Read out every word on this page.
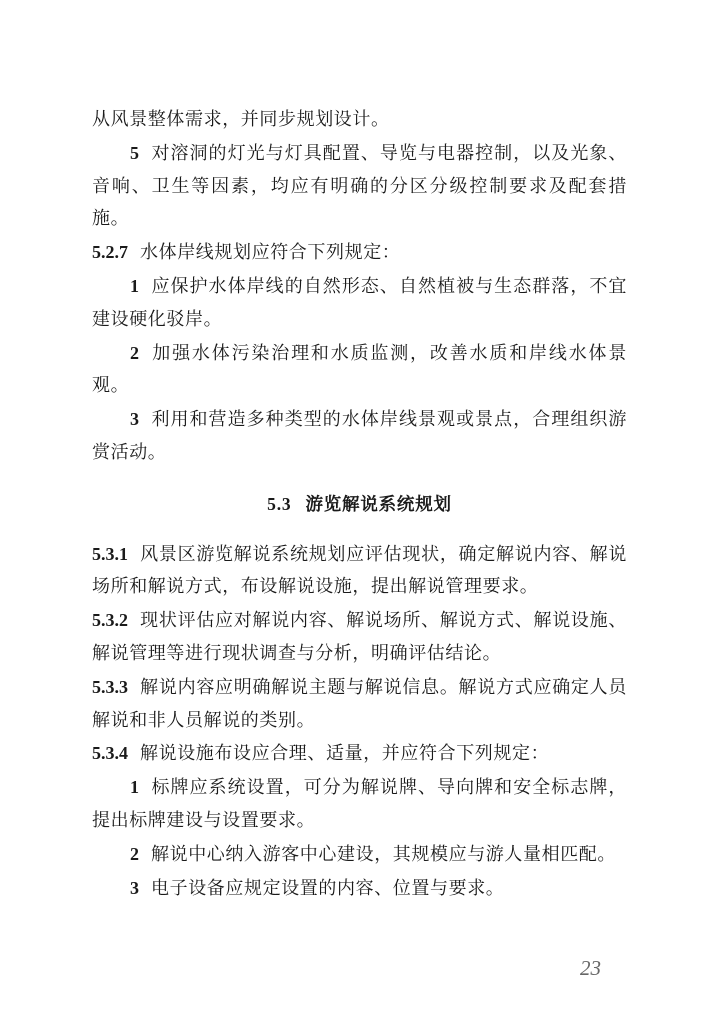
从风景整体需求，并同步规划设计。

5 对溶洞的灯光与灯具配置、导览与电器控制，以及光象、音响、卫生等因素，均应有明确的分区分级控制要求及配套措施。

5.2.7 水体岸线规划应符合下列规定：

1 应保护水体岸线的自然形态、自然植被与生态群落，不宜建设硬化驳岸。

2 加强水体污染治理和水质监测，改善水质和岸线水体景观。

3 利用和营造多种类型的水体岸线景观或景点，合理组织游赏活动。

5.3 游览解说系统规划

5.3.1 风景区游览解说系统规划应评估现状，确定解说内容、解说场所和解说方式，布设解说设施，提出解说管理要求。

5.3.2 现状评估应对解说内容、解说场所、解说方式、解说设施、解说管理等进行现状调查与分析，明确评估结论。

5.3.3 解说内容应明确解说主题与解说信息。解说方式应确定人员解说和非人员解说的类别。

5.3.4 解说设施布设应合理、适量，并应符合下列规定：

1 标牌应系统设置，可分为解说牌、导向牌和安全标志牌，提出标牌建设与设置要求。

2 解说中心纳入游客中心建设，其规模应与游人量相匹配。

3 电子设备应规定设置的内容、位置与要求。

23
